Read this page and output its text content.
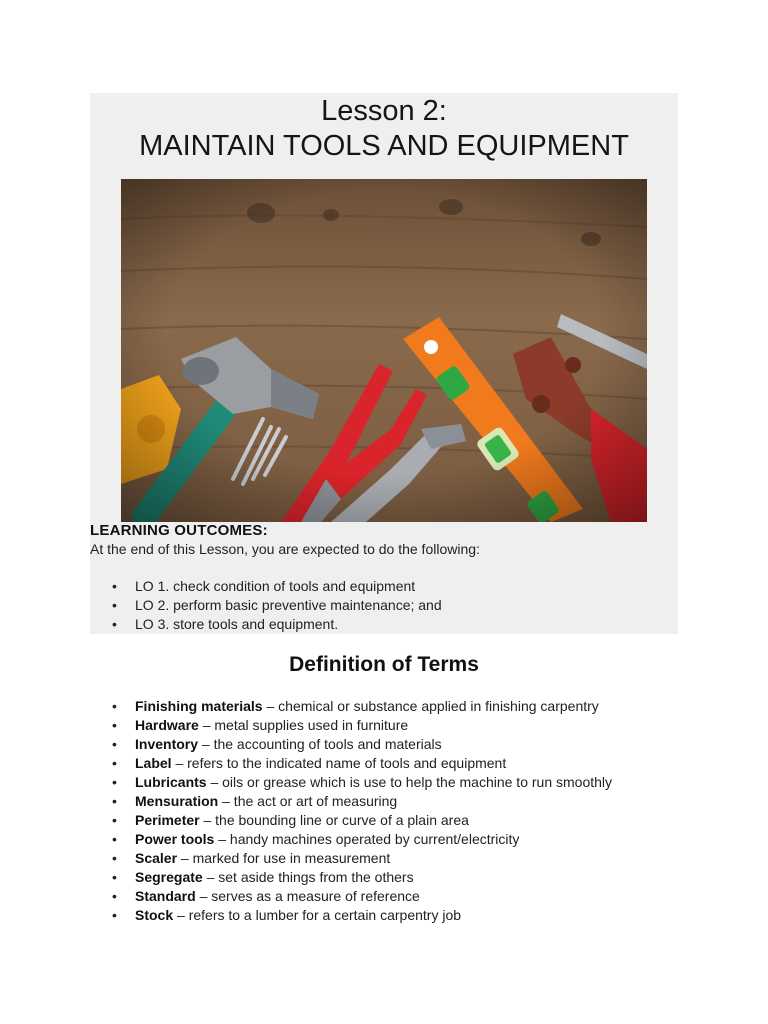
Lesson 2:
MAINTAIN TOOLS AND EQUIPMENT
LEARNING OUTCOMES:
At the end of this Lesson, you are expected to do the following:
• LO 1. check condition of tools and equipment
• LO 2. perform basic preventive maintenance; and
• LO 3. store tools and equipment.
Definition of Terms
• Finishing materials – chemical or substance applied in finishing carpentry
• Hardware – metal supplies used in furniture
• Inventory – the accounting of tools and materials
• Label – refers to the indicated name of tools and equipment
• Lubricants – oils or grease which is use to help the machine to run smoothly
• Mensuration – the act or art of measuring
• Perimeter – the bounding line or curve of a plain area
• Power tools – handy machines operated by current/electricity
• Scaler – marked for use in measurement
• Segregate – set aside things from the others
• Standard – serves as a measure of reference
• Stock – refers to a lumber for a certain carpentry job
